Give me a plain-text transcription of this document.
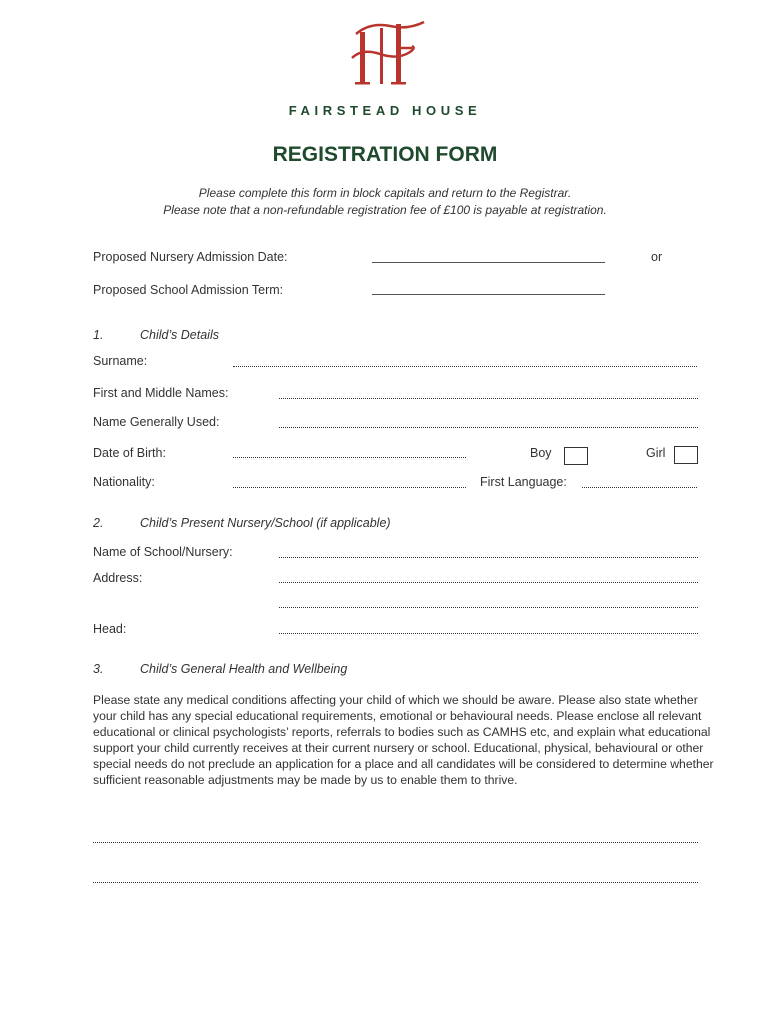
FAIRSTEAD HOUSE
REGISTRATION FORM
Please complete this form in block capitals and return to the Registrar.
Please note that a non-refundable registration fee of £100 is payable at registration.
Proposed Nursery Admission Date:	or
Proposed School Admission Term:
1.	Child’s Details
Surname:
First and Middle Names:
Name Generally Used:
Date of Birth:	Boy	Girl
Nationality:	First Language:
2.	Child’s Present Nursery/School (if applicable)
Name of School/Nursery:
Address:
Head:
3.	Child’s General Health and Wellbeing
Please state any medical conditions affecting your child of which we should be aware. Please also state whether your child has any special educational requirements, emotional or behavioural needs. Please enclose all relevant educational or clinical psychologists’ reports, referrals to bodies such as CAMHS etc, and explain what educational support your child currently receives at their current nursery or school. Educational, physical, behavioural or other special needs do not preclude an application for a place and all candidates will be considered to determine whether sufficient reasonable adjustments may be made by us to enable them to thrive.
